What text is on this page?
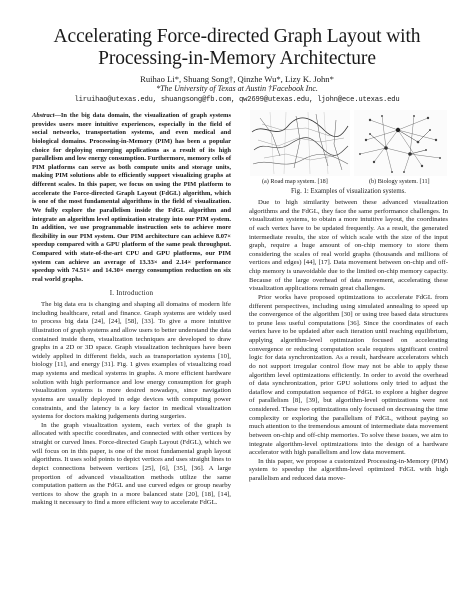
Accelerating Force-directed Graph Layout with
Processing-in-Memory Architecture
Ruihao Li*, Shuang Song†, Qinzhe Wu*, Lizy K. John*
*The University of Texas at Austin †Facebook Inc.
liruihao@utexas.edu, shuangsong@fb.com, qw2699@utexas.edu, ljohn@ece.utexas.edu
Abstract—In the big data domain, the visualization of graph systems provides users more intuitive experiences, especially in the field of social networks, transportation systems, and even medical and biological domains. Processing-in-Memory (PIM) has been a popular choice for deploying emerging applications as a result of its high parallelism and low energy consumption. Furthermore, memory cells of PIM platforms can serve as both compute units and storage units, making PIM solutions able to efficiently support visualizing graphs at different scales. In this paper, we focus on using the PIM platform to accelerate the Force-directed Graph Layout (FdGL) algorithm, which is one of the most fundamental algorithms in the field of visualization. We fully explore the parallelism inside the FdGL algorithm and integrate an algorithm level optimization strategy into our PIM system. In addition, we use programmable instruction sets to achieve more flexibility in our PIM system. Our PIM architecture can achieve 8.07× speedup compared with a GPU platform of the same peak throughput. Compared with state-of-the-art CPU and GPU platforms, our PIM system can achieve an average of 13.33× and 2.14× performance speedup with 74.51× and 14.30× energy consumption reduction on six real world graphs.
I. Introduction

The big data era is changing and shaping all domains of modern life including healthcare, retail and finance. Graph systems are widely used to process big data [24], [24], [58], [33]. To give a more intuitive illustration of graph systems and allow users to better understand the data contained inside them, visualization techniques are developed to draw graphs in a 2D or 3D space. Graph visualization techniques have been widely applied in different fields, such as transportation systems [10], biology [11], and energy [31]. Fig. 1 gives examples of visualizing road map systems and medical systems in graphs. A more efficient hardware solution with high performance and low energy consumption for graph visualization systems is more desired nowadays, since navigation systems are usually deployed in edge devices with computing power constraints, and the latency is a key factor in medical visualization systems for doctors making judgements during surgeries.

In the graph visualization system, each vertex of the graph is allocated with specific coordinates, and connected with other vertices by straight or curved lines. Force-directed Graph Layout (FdGL), which we will focus on in this paper, is one of the most fundamental graph layout algorithms. It uses solid points to depict vertices and uses straight lines to depict connections between vertices [25], [6], [35], [36]. A large proportion of advanced visualization methods utilize the same computation pattern as the FdGL and use curved edges or group nearby vertices to show the graph in a more balanced state [20], [18], [14], making it necessary to find a more efficient way to accelerate FdGL.

(a) Road map system. [18]	(b) Biology system. [11]
Fig. 1: Examples of visualization systems.

Due to high similarity between these advanced visualization algorithms and the FdGL, they face the same performance challenges. In visualization systems, to obtain a more intuitive layout, the coordinates of each vertex have to be updated frequently. As a result, the generated intermediate results, the size of which scale with the size of the input graph, require a huge amount of on-chip memory to store them considering the scales of real world graphs (thousands and millions of vertices and edges) [44], [17]. Data movement between on-chip and off-chip memory is unavoidable due to the limited on-chip memory capacity. Because of the large overhead of data movement, accelerating these visualization applications remain great challenges.

Prior works have proposed optimizations to accelerate FdGL from different perspectives, including using simulated annealing to speed up the convergence of the algorithm [30] or using tree based data structures to prune less useful computations [36]. Since the coordinates of each vertex have to be updated after each iteration until reaching equilibrium, applying algorithm-level optimization focused on accelerating convergence or reducing computation scale requires significant control logic for data synchronization. As a result, hardware accelerators which do not support irregular control flow may not be able to apply these algorithm level optimizations efficiently. In order to avoid the overhead of data synchronization, prior GPU solutions only tried to adjust the dataflow and computation sequence of FdGL to explore a higher degree of parallelism [8], [39], but algorithm-level optimizations were not considered. These two optimizations only focused on decreasing the time complexity or exploring the parallelism of FdGL, without paying so much attention to the tremendous amount of intermediate data movement between on-chip and off-chip memories. To solve these issues, we aim to integrate algorithm-level optimizations into the design of a hardware accelerator with high parallelism and low data movement.

In this paper, we propose a customized Processing-in-Memory (PIM) system to speedup the algorithm-level optimized FdGL with high parallelism and reduced data move-
